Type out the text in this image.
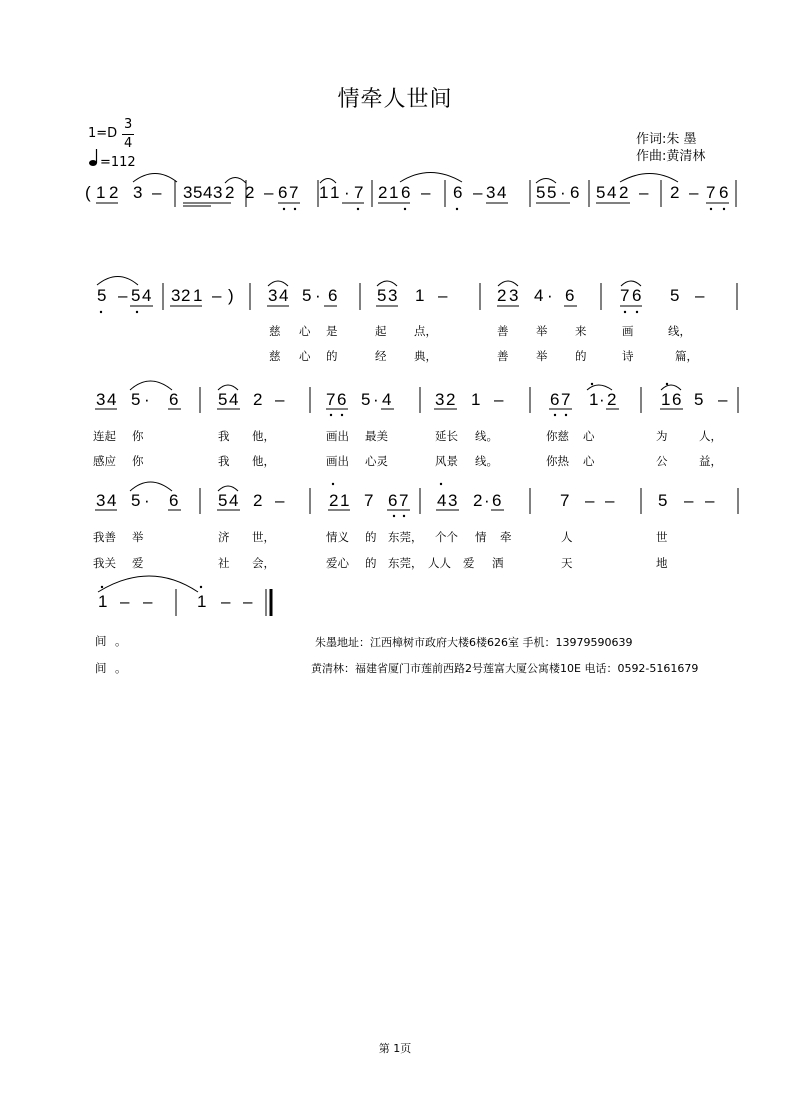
情牵人世间
1=D
3
4
=112
作词:朱 墨
作曲:黄清林
( 1 2 3 – 3 5 4 3 2 2 – 6 7 1 1 · 7 2 1 6 – 6 – 3 4 5 5 · 6 5 4 2 – 2 – 7 6
5 – 5 4 3 2 1 – ) 3 4 5 · 6 5 3 1 –	2 3 4 · 6	7 6 5 –
慈 心 是	起 点，	善 举 来	画	线，
慈 心 的	经 典，	善 举 的	诗	篇，
3 4 5 · 6 5 4 2 – 7 6 5 · 4	3 2 1 –	6 7 1 · 2	1 6 5 –
连起 你	我 他，	画出 最美	延长 线。	你慈 心	为	人，
感应 你	我 他，	画出 心灵	风景 线。	你热 心	公	益，
3 4 5 · 6 5 4 2 –	2 1 7 6 7 4 3 2 · 6	7 – –	5 – –
我善 举	济 世，	情义 的 东莞， 个个 情 牵	人	世
我关 爱	社 会，	爱心 的 东莞， 人人 爱 洒	天	地
1 – –	1 – –
间 。
间 。
朱墨地址：江西樟树市政府大楼6楼626室 手机：13979590639
黄清林：福建省厦门市莲前西路2号莲富大厦公寓楼10E 电话：0592-5161679
第 1页
